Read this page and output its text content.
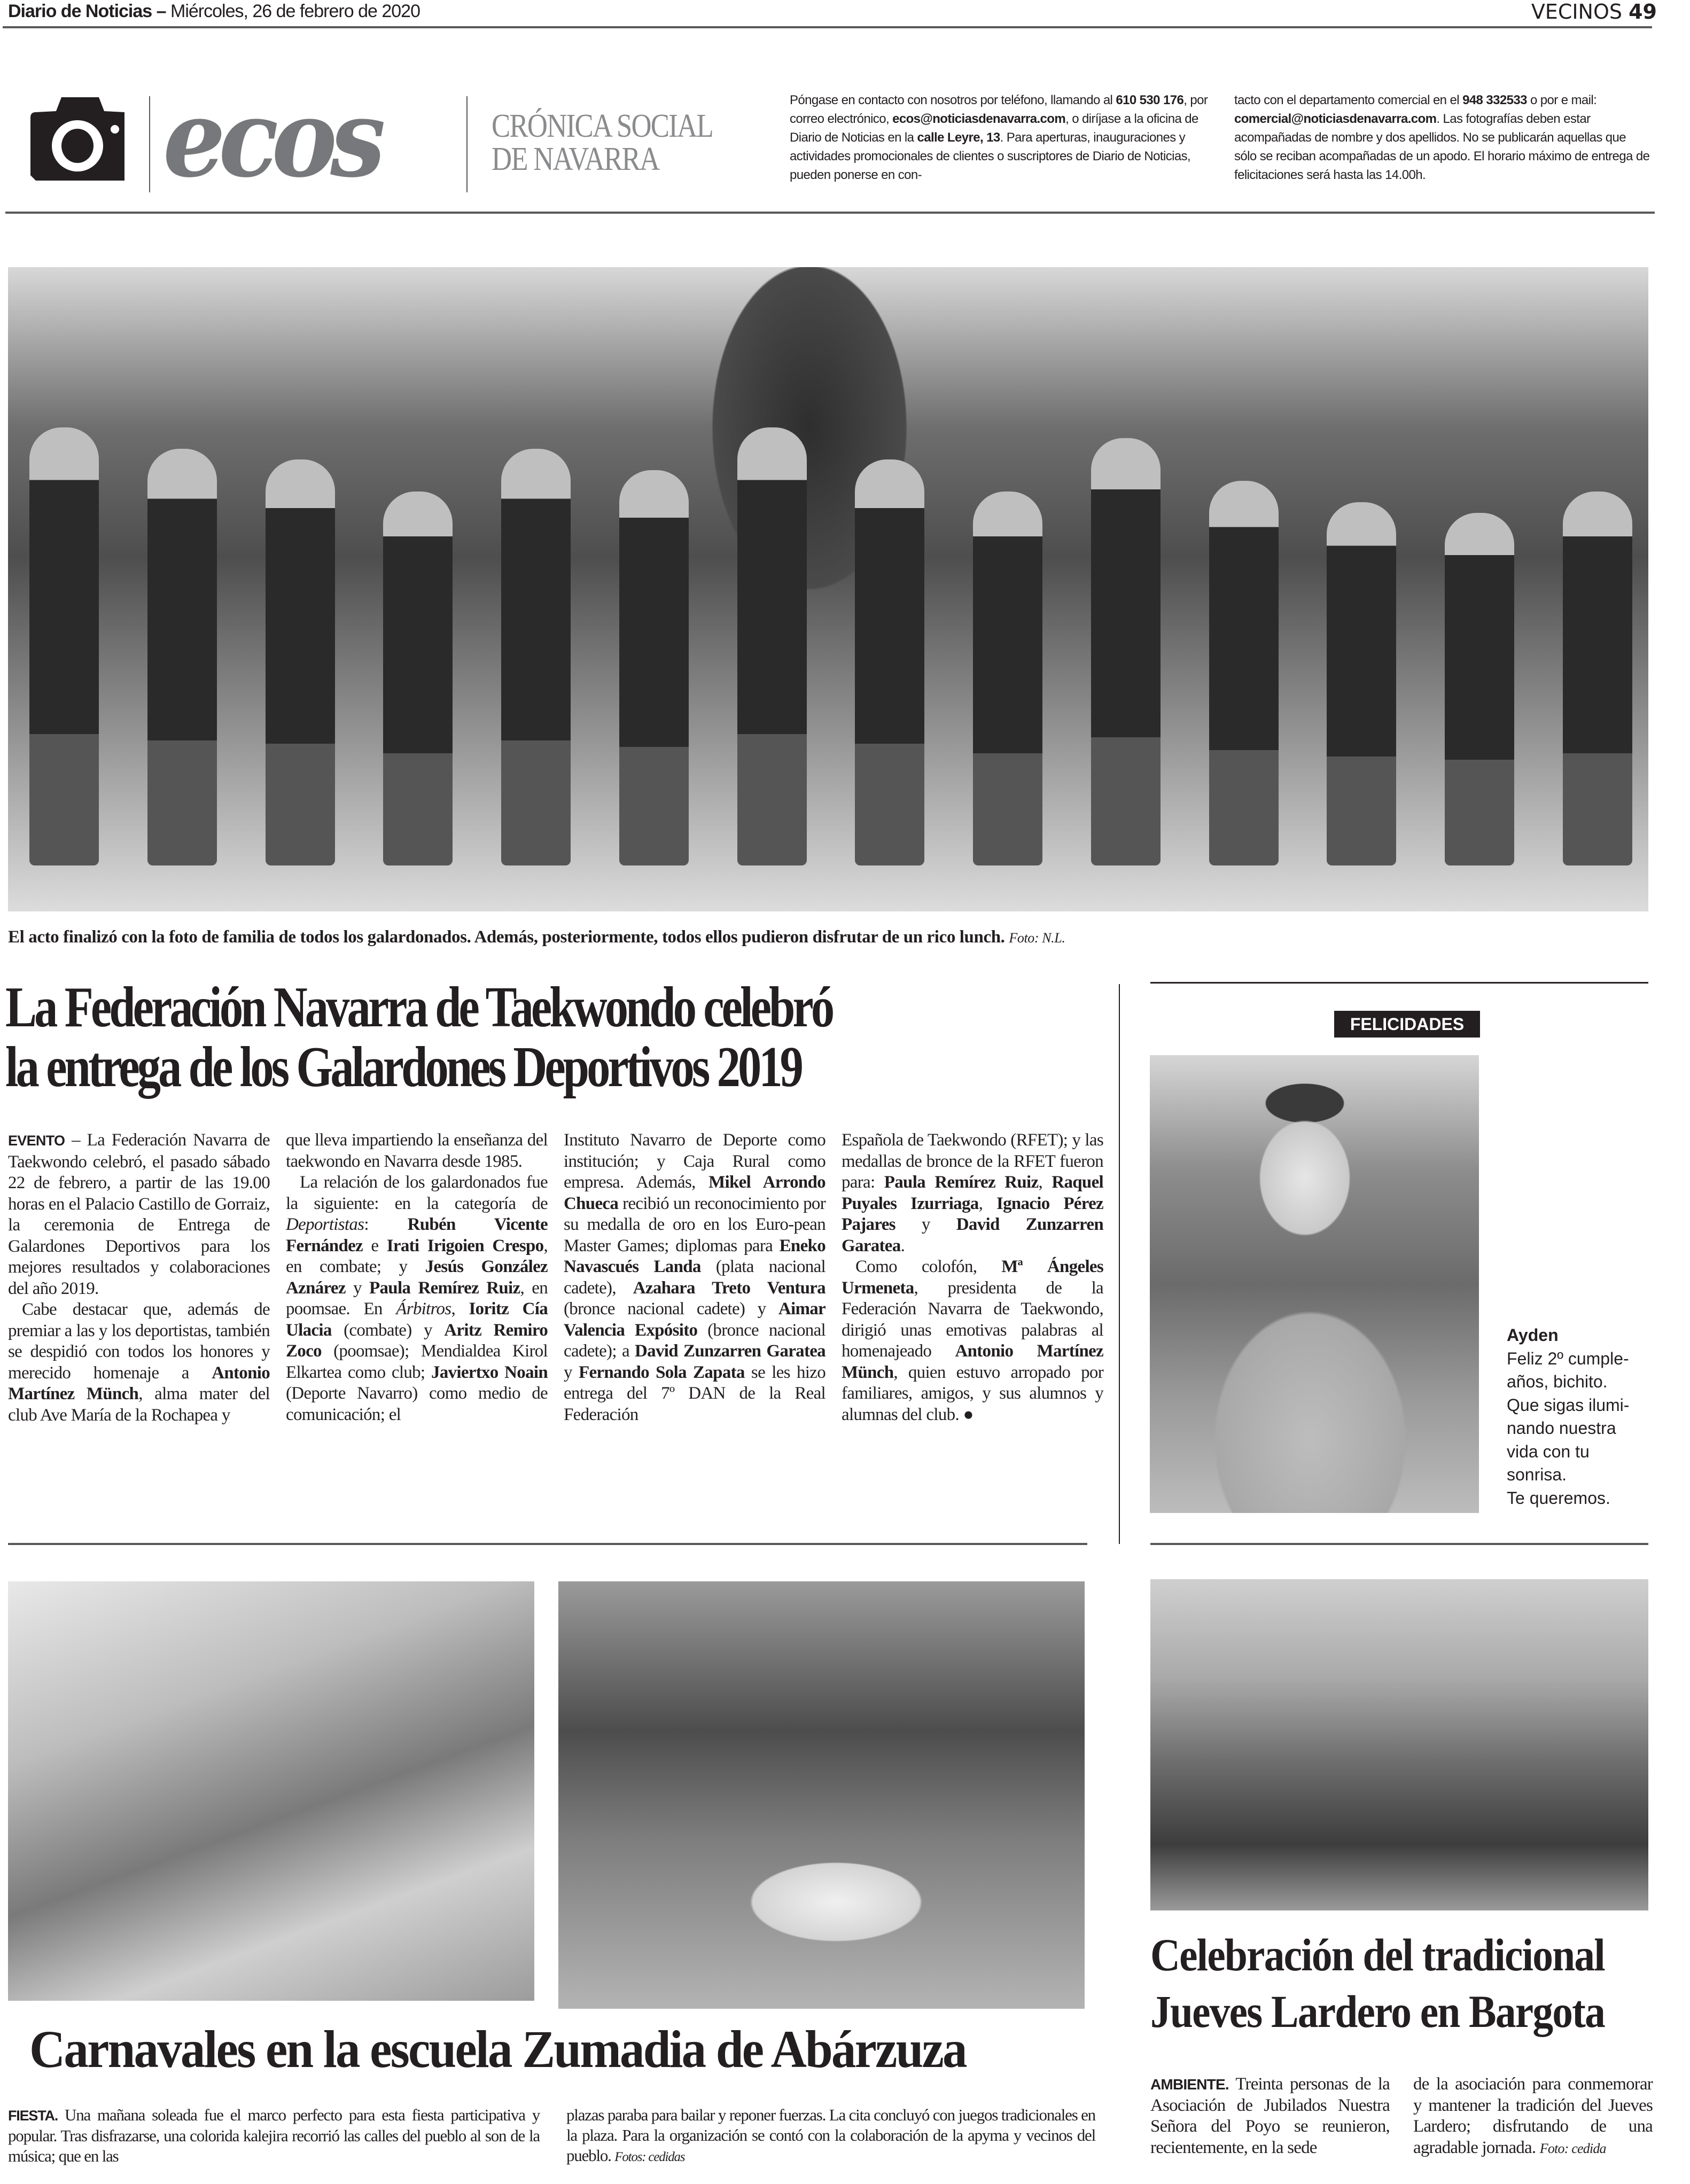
Diario de Noticias – Miércoles, 26 de febrero de 2020	VECINOS 49
ecos	CRÓNICA SOCIAL
DE NAVARRA
Póngase en contacto con nosotros por teléfono, llamando al 610 530 176, por correo electrónico, ecos@noticiasdenavarra.com, o diríjase a la oficina de Diario de Noticias en la calle Leyre, 13. Para aperturas, inauguraciones y actividades promocionales de clientes o suscriptores de Diario de Noticias, pueden ponerse en con-
tacto con el departamento comercial en el 948 332533 o por e mail: comercial@noticiasdenavarra.com. Las fotografías deben estar acompañadas de nombre y dos apellidos. No se publicarán aquellas que sólo se reciban acompañadas de un apodo. El horario máximo de entrega de felicitaciones será hasta las 14.00h.
El acto finalizó con la foto de familia de todos los galardonados. Además, posteriormente, todos ellos pudieron disfrutar de un rico lunch. Foto: N.L.
La Federación Navarra de Taekwondo celebró
la entrega de los Galardones Deportivos 2019

EVENTO – La Federación Navarra de Taekwondo celebró, el pasado sábado 22 de febrero, a partir de las 19.00 horas en el Palacio Castillo de Gorraiz, la ceremonia de Entrega de Galardones Deportivos para los mejores resultados y colaboraciones del año 2019.

Cabe destacar que, además de premiar a las y los deportistas, también se despidió con todos los honores y merecido homenaje a Antonio Martínez Münch, alma mater del club Ave María de la Rochapea y

que lleva impartiendo la enseñanza del taekwondo en Navarra desde 1985.

La relación de los galardonados fue la siguiente: en la categoría de Deportistas: Rubén Vicente Fernández e Irati Irigoien Crespo, en combate; y Jesús González Aznárez y Paula Remírez Ruiz, en poomsae. En Árbitros, Ioritz Cía Ulacia (combate) y Aritz Remiro Zoco (poomsae); Mendialdea Kirol Elkartea como club; Javiertxo Noain (Deporte Navarro) como medio de comunicación; el

Instituto Navarro de Deporte como institución; y Caja Rural como empresa. Además, Mikel Arrondo Chueca recibió un reconocimiento por su medalla de oro en los Euro-pean Master Games; diplomas para Eneko Navascués Landa (plata nacional cadete), Azahara Treto Ventura (bronce nacional cadete) y Aimar Valencia Expósito (bronce nacional cadete); a David Zunzarren Garatea y Fernando Sola Zapata se les hizo entrega del 7º DAN de la Real Federación

Española de Taekwondo (RFET); y las medallas de bronce de la RFET fueron para: Paula Remírez Ruiz, Raquel Puyales Izurriaga, Ignacio Pérez Pajares y David Zunzarren Garatea.

Como colofón, Mª Ángeles Urmeneta, presidenta de la Federación Navarra de Taekwondo, dirigió unas emotivas palabras al homenajeado Antonio Martínez Münch, quien estuvo arropado por familiares, amigos, y sus alumnos y alumnas del club. ●

FELICIDADES
Ayden
Feliz 2º cumple-
años, bichito.
Que sigas ilumi-
nando nuestra
vida con tu
sonrisa.
Te queremos.
Carnavales en la escuela Zumadia de Abárzuza
FIESTA. Una mañana soleada fue el marco perfecto para esta fiesta participativa y popular. Tras disfrazarse, una colorida kalejira recorrió las calles del pueblo al son de la música; que en las
plazas paraba para bailar y reponer fuerzas. La cita concluyó con juegos tradicionales en la plaza. Para la organización se contó con la colaboración de la apyma y vecinos del pueblo. Fotos: cedidas
Celebración del tradicional
Jueves Lardero en Bargota
AMBIENTE. Treinta personas de la Asociación de Jubilados Nuestra Señora del Poyo se reunieron, recientemente, en la sede
de la asociación para conmemorar y mantener la tradición del Jueves Lardero; disfrutando de una agradable jornada. Foto: cedida
